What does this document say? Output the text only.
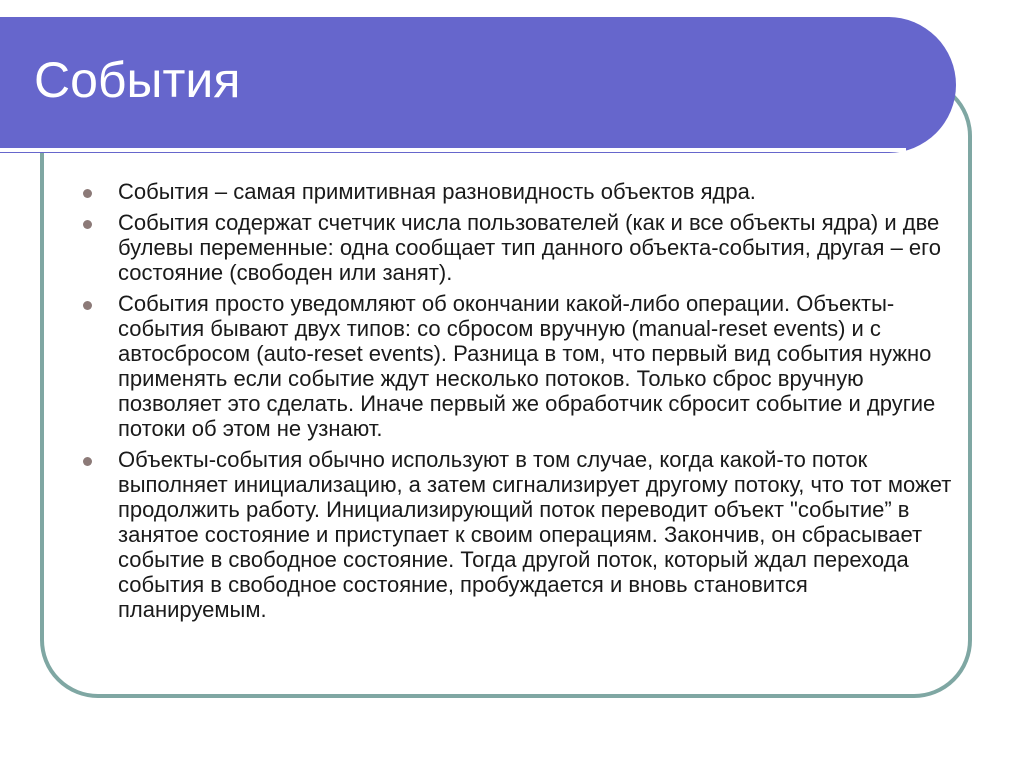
События
События – самая примитивная разновидность объектов ядра.
События содержат счетчик числа пользователей (как и все объекты ядра) и две булевы переменные: одна сообщает тип данного объекта-события, другая – его состояние (свободен или занят).
События просто уведомляют об окончании какой-либо операции. Объекты-события бывают двух типов: со сбросом вручную (manual-reset events) и с автосбросом (auto-reset events). Разница в том, что первый вид события нужно применять если событие ждут несколько потоков. Только сброс вручную позволяет это сделать. Иначе первый же обработчик сбросит событие и другие потоки об этом не узнают.
Объекты-события обычно используют в том случае, когда какой-то поток выполняет инициализацию, а затем сигнализирует другому потоку, что тот может продолжить работу. Инициализирующий поток переводит объект "событие” в занятое состояние и приступает к своим операциям. Закончив, он сбрасывает событие в свободное состояние. Тогда другой поток, который ждал перехода события в свободное состояние, пробуждается и вновь становится планируемым.
